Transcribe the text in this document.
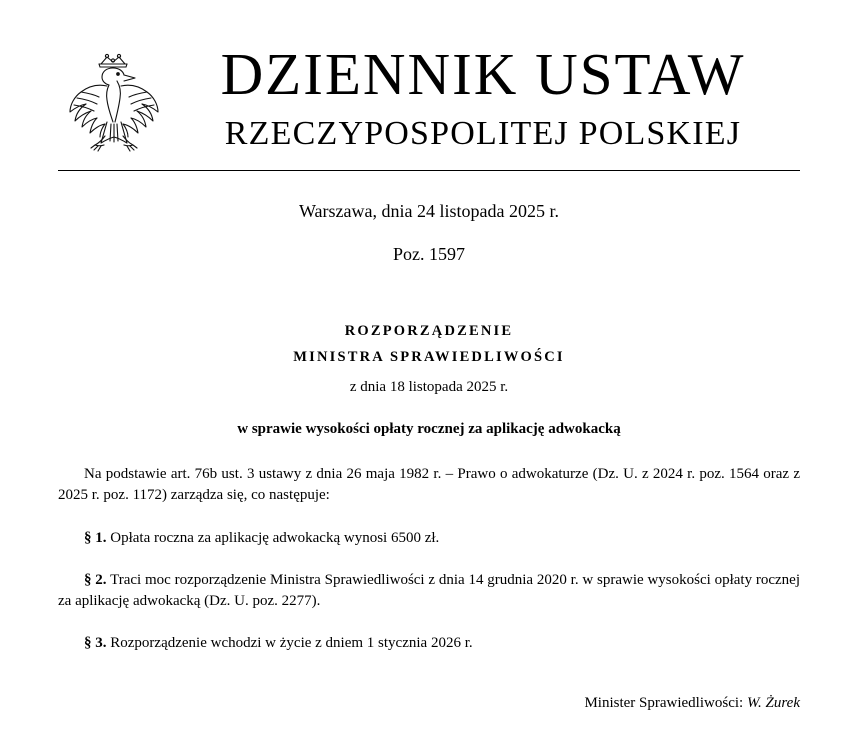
DZIENNIK USTAW
RZECZYPOSPOLITEJ POLSKIEJ
Warszawa, dnia 24 listopada 2025 r.
Poz. 1597
ROZPORZĄDZENIE
MINISTRA SPRAWIEDLIWOŚCI
z dnia 18 listopada 2025 r.
w sprawie wysokości opłaty rocznej za aplikację adwokacką
Na podstawie art. 76b ust. 3 ustawy z dnia 26 maja 1982 r. – Prawo o adwokaturze (Dz. U. z 2024 r. poz. 1564 oraz z 2025 r. poz. 1172) zarządza się, co następuje:
§ 1. Opłata roczna za aplikację adwokacką wynosi 6500 zł.
§ 2. Traci moc rozporządzenie Ministra Sprawiedliwości z dnia 14 grudnia 2020 r. w sprawie wysokości opłaty rocznej za aplikację adwokacką (Dz. U. poz. 2277).
§ 3. Rozporządzenie wchodzi w życie z dniem 1 stycznia 2026 r.
Minister Sprawiedliwości: W. Żurek
